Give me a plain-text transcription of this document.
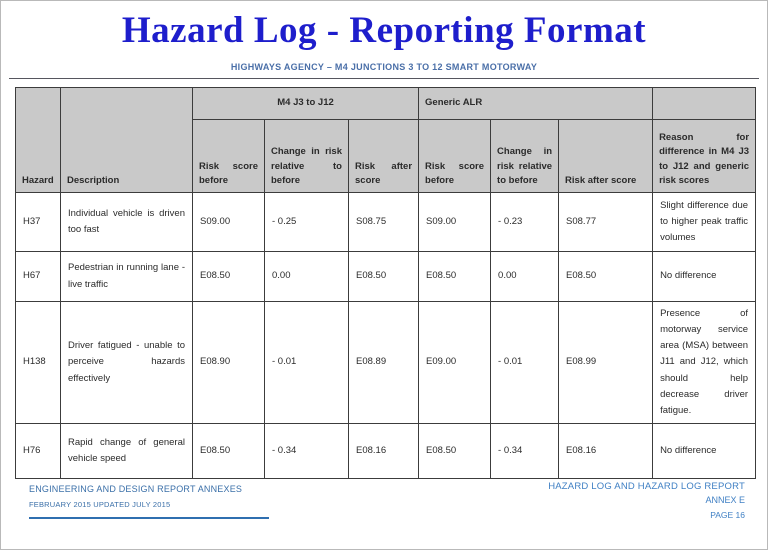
Hazard Log - Reporting Format
HIGHWAYS AGENCY – M4 JUNCTIONS 3 TO 12 SMART MOTORWAY
Hazard	Description	M4 J3 to J12			Generic ALR			
		Risk score before	Change in risk relative to before	Risk after score	Risk score before	Change in risk relative to before	Risk after score	Reason for difference in M4 J3 to J12 and generic risk scores
H37	Individual vehicle is driven too fast	S09.00	- 0.25	S08.75	S09.00	- 0.23	S08.77	Slight difference due to higher peak traffic volumes
H67	Pedestrian in running lane - live traffic	E08.50	0.00	E08.50	E08.50	0.00	E08.50	No difference
H138	Driver fatigued - unable to perceive hazards effectively	E08.90	- 0.01	E08.89	E09.00	- 0.01	E08.99	Presence of motorway service area (MSA) between J11 and J12, which should help decrease driver fatigue.
H76	Rapid change of general vehicle speed	E08.50	- 0.34	E08.16	E08.50	- 0.34	E08.16	No difference
ENGINEERING AND DESIGN REPORT ANNEXES
FEBRUARY 2015 UPDATED JULY 2015
HAZARD LOG AND HAZARD LOG REPORT
ANNEX E
PAGE 16
